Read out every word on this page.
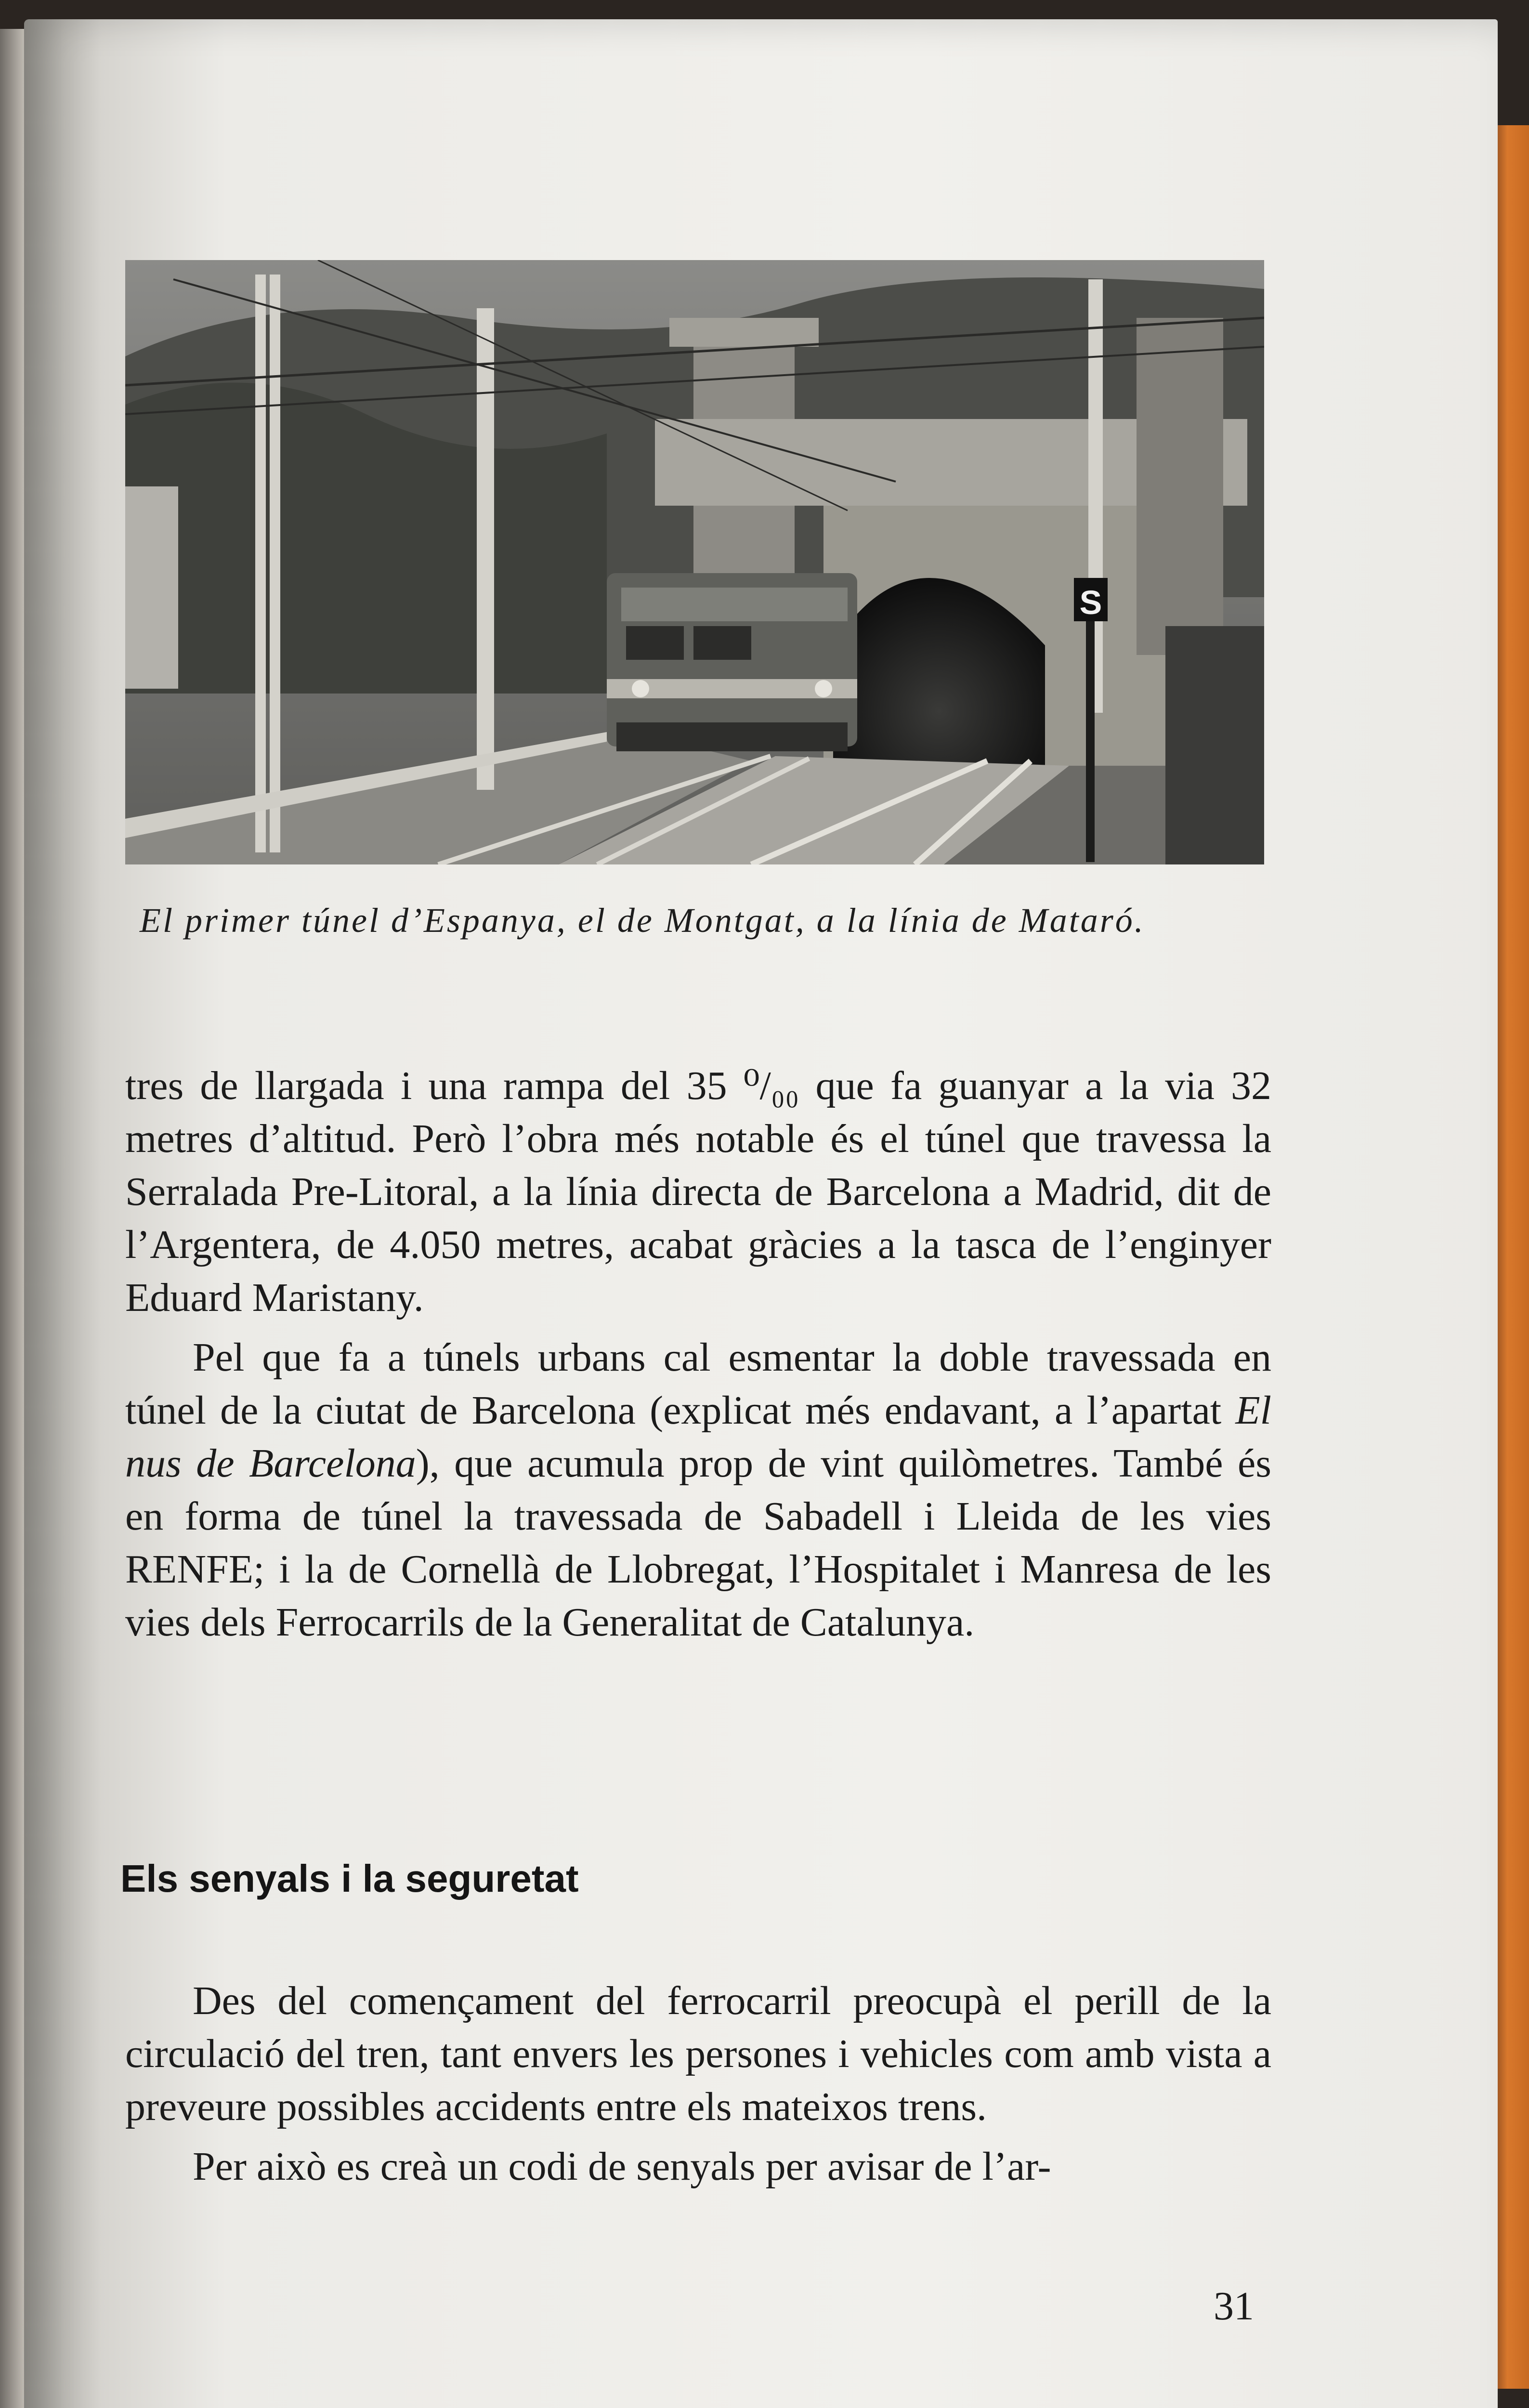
S
El primer túnel d’Espanya, el de Montgat, a la línia de Mataró.

tres de llargada i una rampa del 35 ⁰/₀₀ que fa guanyar a la via 32 metres d’altitud. Però l’obra més notable és el túnel que travessa la Serralada Pre-Litoral, a la línia directa de Barcelona a Madrid, dit de l’Argentera, de 4.050 metres, acabat gràcies a la tasca de l’enginyer Eduard Maristany.

Pel que fa a túnels urbans cal esmentar la doble travessada en túnel de la ciutat de Barcelona (explicat més endavant, a l’apartat El nus de Barcelona), que acumula prop de vint quilòmetres. També és en forma de túnel la travessada de Sabadell i Lleida de les vies RENFE; i la de Cornellà de Llobregat, l’Hospitalet i Manresa de les vies dels Ferrocarrils de la Generalitat de Catalunya.

Els senyals i la seguretat

Des del començament del ferrocarril preocupà el perill de la circulació del tren, tant envers les persones i vehicles com amb vista a preveure possibles accidents entre els mateixos trens.

Per això es creà un codi de senyals per avisar de l’ar-

31
